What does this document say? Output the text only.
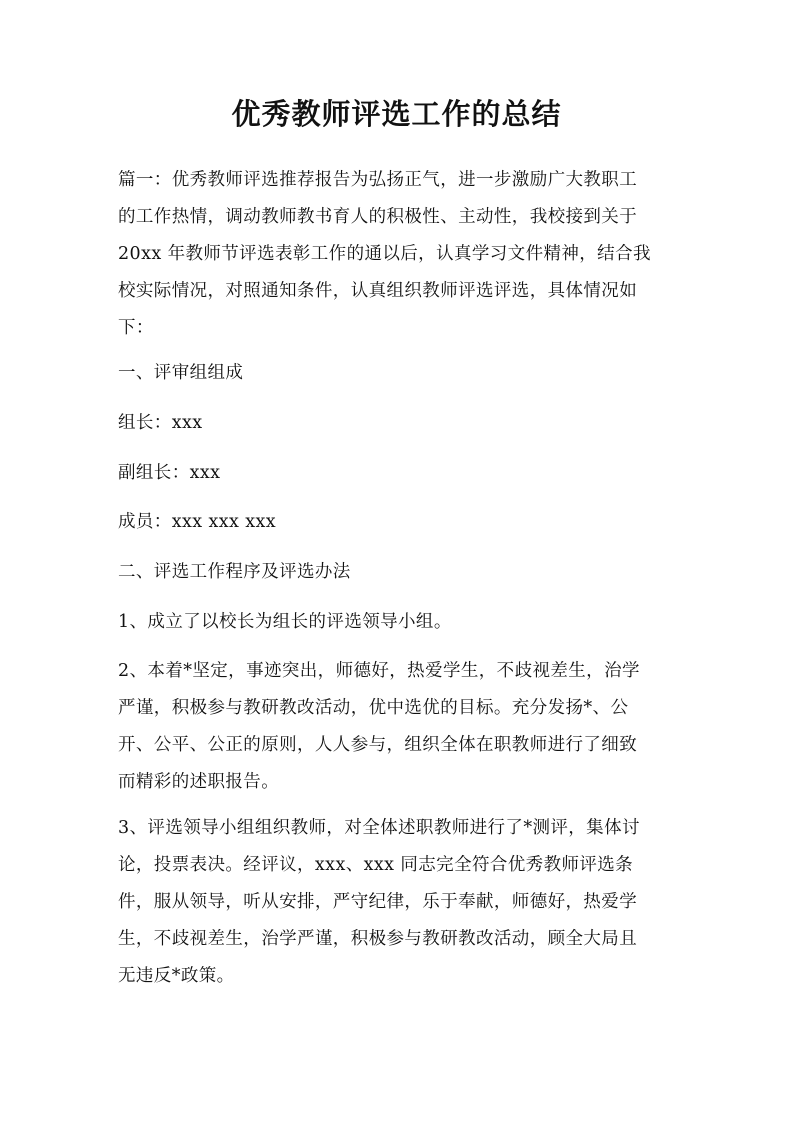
优秀教师评选工作的总结
篇一：优秀教师评选推荐报告为弘扬正气，进一步激励广大教职工
的工作热情，调动教师教书育人的积极性、主动性，我校接到关于
20xx 年教师节评选表彰工作的通以后，认真学习文件精神，结合我
校实际情况，对照通知条件，认真组织教师评选评选，具体情况如
下：
一、评审组组成
组长：xxx
副组长：xxx
成员：xxx xxx xxx
二、评选工作程序及评选办法
1、成立了以校长为组长的评选领导小组。
2、本着*坚定，事迹突出，师德好，热爱学生，不歧视差生，治学
严谨，积极参与教研教改活动，优中选优的目标。充分发扬*、公
开、公平、公正的原则，人人参与，组织全体在职教师进行了细致
而精彩的述职报告。
3、评选领导小组组织教师，对全体述职教师进行了*测评，集体讨
论，投票表决。经评议，xxx、xxx 同志完全符合优秀教师评选条
件，服从领导，听从安排，严守纪律，乐于奉献，师德好，热爱学
生，不歧视差生，治学严谨，积极参与教研教改活动，顾全大局且
无违反*政策。
